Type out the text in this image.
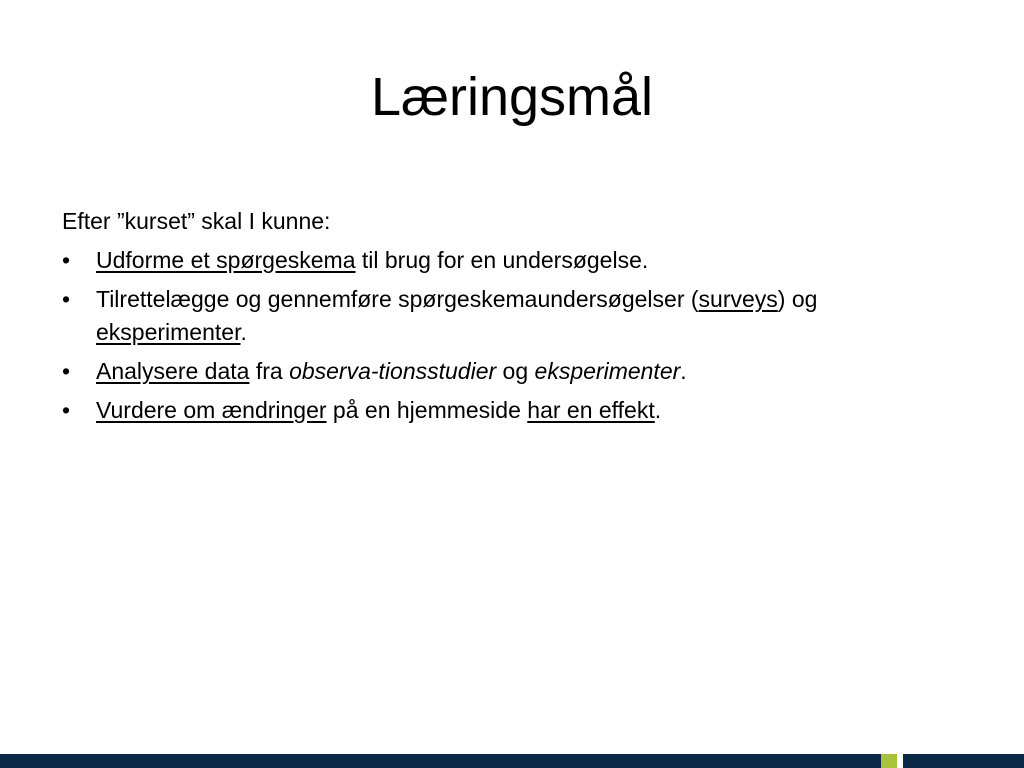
Læringsmål

Efter ”kurset” skal I kunne:

• Udforme et spørgeskema til brug for en undersøgelse.
• Tilrettelægge og gennemføre spørgeskemaundersøgelser (surveys) og eksperimenter.
• Analysere data fra observa-tionsstudier og eksperimenter.
• Vurdere om ændringer på en hjemmeside har en effekt.
